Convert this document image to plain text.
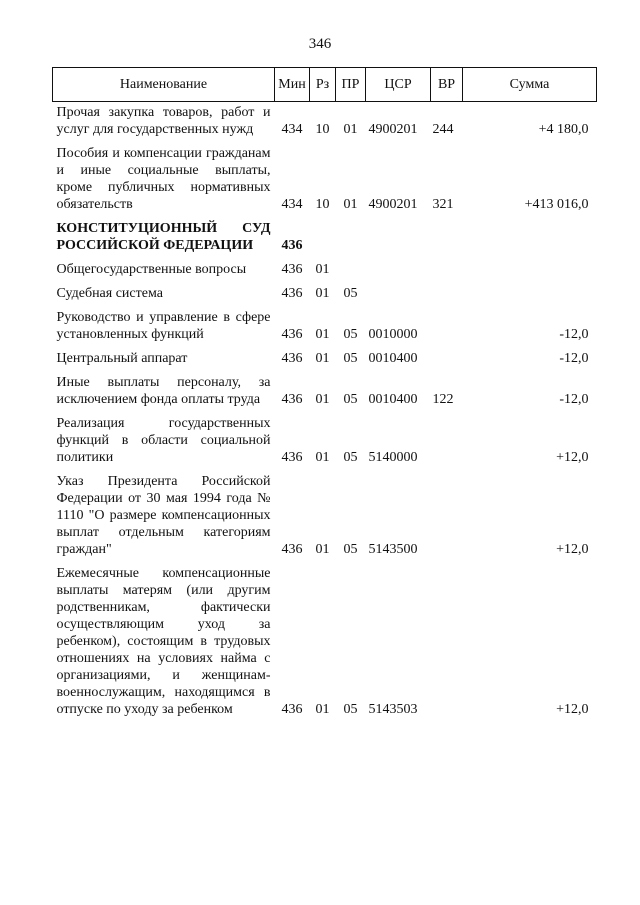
346
Наименование	Мин	Рз	ПР	ЦСР	ВР	Сумма
Прочая закупка товаров, работ и услуг для государственных нужд	434	10	01	4900201	244	+4 180,0
Пособия и компенсации гражданам и иные социальные выплаты, кроме публичных нормативных обязательств	434	10	01	4900201	321	+413 016,0
КОНСТИТУЦИОННЫЙ СУД РОССИЙСКОЙ ФЕДЕРАЦИИ	436					
Общегосударственные вопросы	436	01				
Судебная система	436	01	05			
Руководство и управление в сфере установленных функций	436	01	05	0010000		-12,0
Центральный аппарат	436	01	05	0010400		-12,0
Иные выплаты персоналу, за исключением фонда оплаты труда	436	01	05	0010400	122	-12,0
Реализация государственных функций в области социальной политики	436	01	05	5140000		+12,0
Указ Президента Российской Федерации от 30 мая 1994 года № 1110 "О размере компенсационных выплат отдельным категориям граждан"	436	01	05	5143500		+12,0
Ежемесячные компенсационные выплаты матерям (или другим родственникам, фактически осуществляющим уход за ребенком), состоящим в трудовых отношениях на условиях найма с организациями, и женщинам-военнослужащим, находящимся в отпуске по уходу за ребенком	436	01	05	5143503		+12,0
